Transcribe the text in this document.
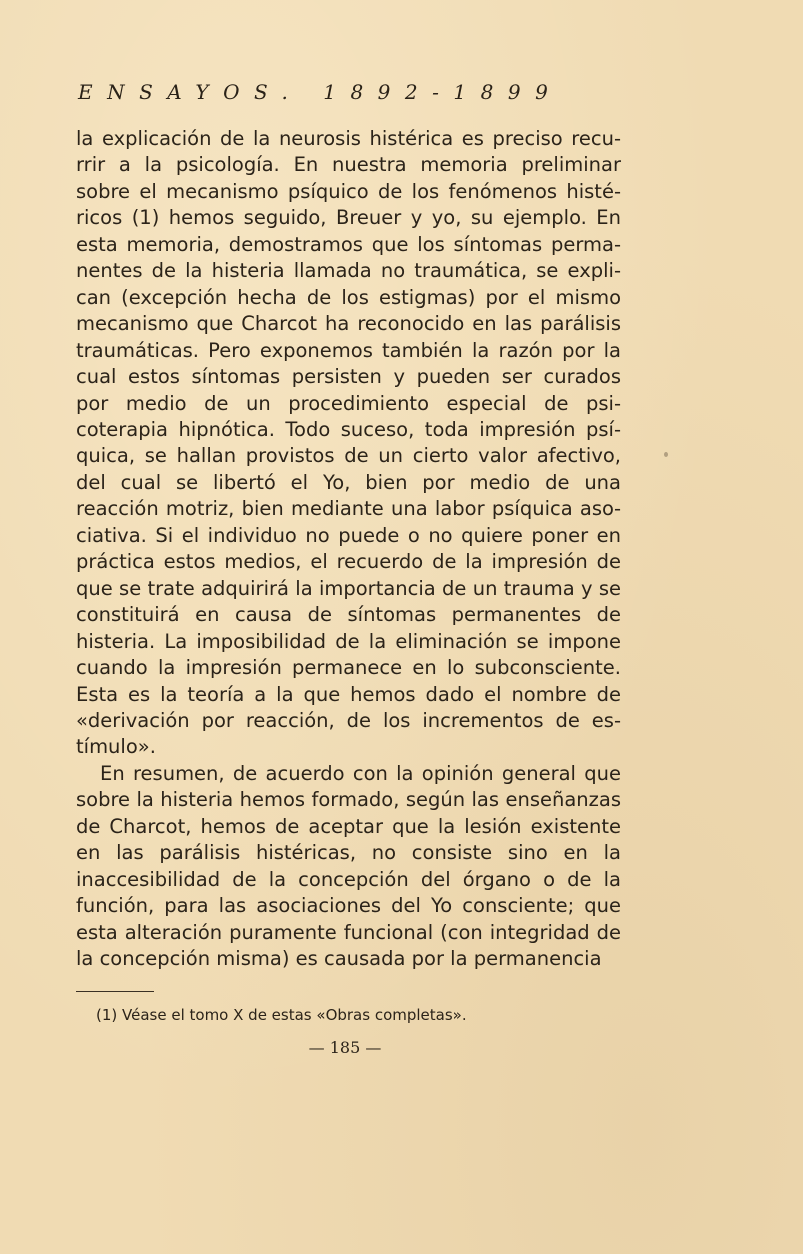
ENSAYOS. 1892-1899

la explicación de la neurosis histérica es preciso recurrir a la psicología. En nuestra memoria preliminar sobre el mecanismo psíquico de los fenómenos histéricos (1) hemos seguido, Breuer y yo, su ejemplo. En esta memoria, demostramos que los síntomas permanentes de la histeria llamada no traumática, se explican (excepción hecha de los estigmas) por el mismo mecanismo que Charcot ha reconocido en las parálisis traumáticas. Pero exponemos también la razón por la cual estos síntomas persisten y pueden ser curados por medio de un procedimiento especial de psicoterapia hipnótica. Todo suceso, toda impresión psíquica, se hallan provistos de un cierto valor afectivo, del cual se libertó el Yo, bien por medio de una reacción motriz, bien mediante una labor psíquica asociativa. Si el individuo no puede o no quiere poner en práctica estos medios, el recuerdo de la impresión de que se trate adquirirá la importancia de un trauma y se constituirá en causa de síntomas permanentes de histeria. La imposibilidad de la eliminación se impone cuando la impresión permanece en lo subconsciente. Esta es la teoría a la que hemos dado el nombre de «derivación por reacción, de los incrementos de estímulo».

En resumen, de acuerdo con la opinión general que sobre la histeria hemos formado, según las enseñanzas de Charcot, hemos de aceptar que la lesión existente en las parálisis histéricas, no consiste sino en la inaccesibilidad de la concepción del órgano o de la función, para las asociaciones del Yo consciente; que esta alteración puramente funcional (con integridad de la concepción misma) es causada por la permanencia

(1) Véase el tomo X de estas «Obras completas».
— 185 —
